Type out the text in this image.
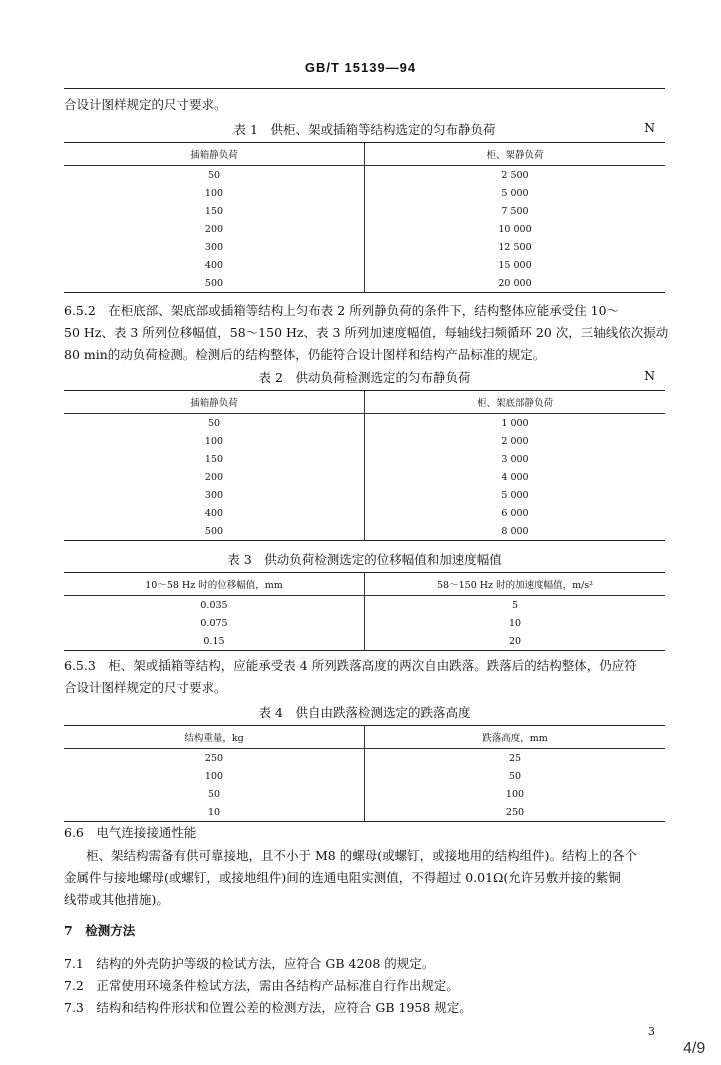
GB/T 15139—94
合设计图样规定的尺寸要求。
表 1　供柜、架或插箱等结构选定的匀布静负荷	N
插箱静负荷	柜、架静负荷
50	2 500
100	5 000
150	7 500
200	10 000
300	12 500
400	15 000
500	20 000
6.5.2　在柜底部、架底部或插箱等结构上匀布表 2 所列静负荷的条件下，结构整体应能承受住 10～
50 Hz、表 3 所列位移幅值，58～150 Hz、表 3 所列加速度幅值，每轴线扫频循环 20 次，三轴线依次振动
80 min的动负荷检测。检测后的结构整体，仍能符合设计图样和结构产品标准的规定。
表 2　供动负荷检测选定的匀布静负荷	N
插箱静负荷	柜、架底部静负荷
50	1 000
100	2 000
150	3 000
200	4 000
300	5 000
400	6 000
500	8 000
表 3　供动负荷检测选定的位移幅值和加速度幅值
10～58 Hz 时的位移幅值，mm	58～150 Hz 时的加速度幅值，m/s²
0.035	5
0.075	10
0.15	20
6.5.3　柜、架或插箱等结构，应能承受表 4 所列跌落高度的两次自由跌落。跌落后的结构整体，仍应符
合设计图样规定的尺寸要求。
表 4　供自由跌落检测选定的跌落高度
结构重量，kg	跌落高度，mm
250	25
100	50
50	100
10	250
6.6　电气连接接通性能
柜、架结构需备有供可靠接地，且不小于 M8 的螺母(或螺钉，或接地用的结构组件)。结构上的各个
金属件与接地螺母(或螺钉，或接地组件)间的连通电阻实测值，不得超过 0.01Ω(允许另敷并接的紫铜
线带或其他措施)。
7　检测方法
7.1　结构的外壳防护等级的检试方法，应符合 GB 4208 的规定。
7.2　正常使用环境条件检试方法，需由各结构产品标准自行作出规定。
7.3　结构和结构件形状和位置公差的检测方法，应符合 GB 1958 规定。
3
4/9
